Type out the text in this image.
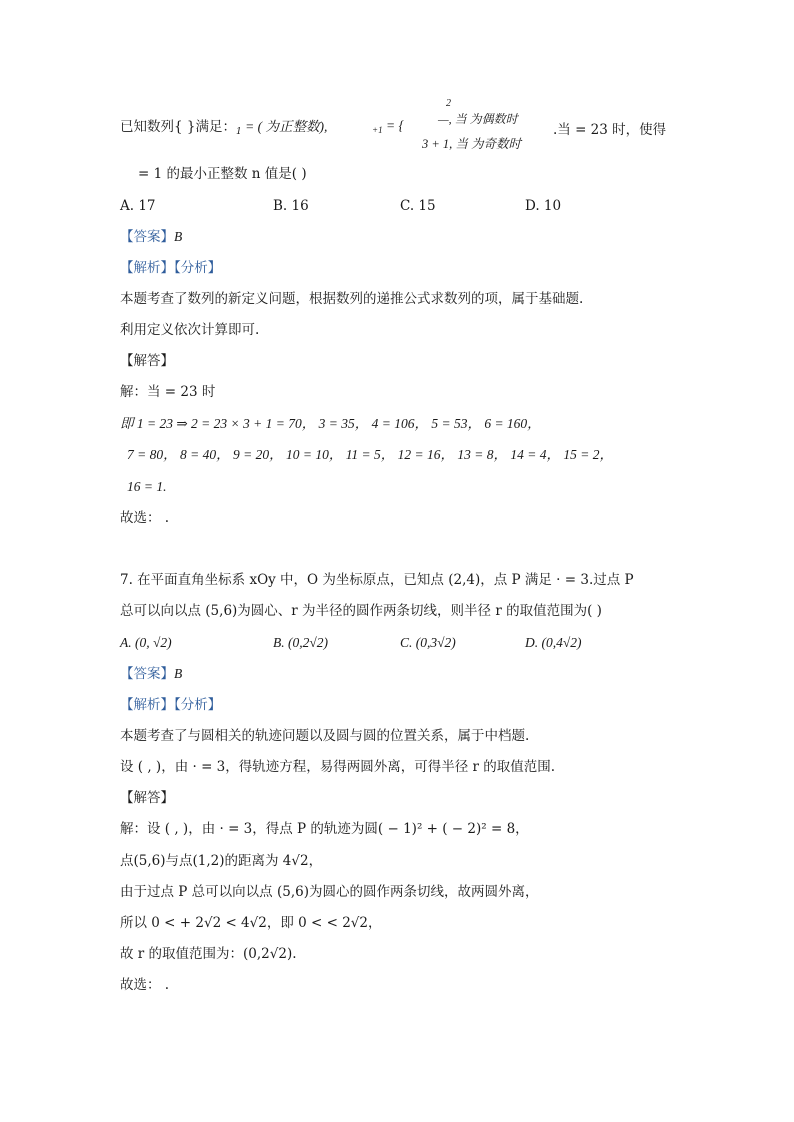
已知数列{ }满足：$_1$ = ( 为正整数),	$_{+1}$ = {
2
—, 当 为偶数时
3 + 1, 当 为奇数时
.当 = 23 时，使得
= 1 的最小正整数 n 值是( )
A. 17	B. 16	C. 15	D. 10
【答案】B
【解析】【分析】
本题考查了数列的新定义问题，根据数列的递推公式求数列的项，属于基础题.
利用定义依次计算即可.
【解答】
解：当 = 23 时
即 1 = 23 ⇒ 2 = 23 × 3 + 1 = 70， 3 = 35， 4 = 106， 5 = 53， 6 = 160，
7 = 80， 8 = 40， 9 = 20， 10 = 10， 11 = 5， 12 = 16， 13 = 8， 14 = 4， 15 = 2，
16 = 1.
故选： .
7. 在平面直角坐标系 xOy 中，O 为坐标原点，已知点 (2,4)，点 P 满足 · = 3.过点 P
总可以向以点 (5,6)为圆心、r 为半径的圆作两条切线，则半径 r 的取值范围为( )
A. (0, √2)	B. (0,2√2)	C. (0,3√2)	D. (0,4√2)
【答案】B
【解析】【分析】
本题考查了与圆相关的轨迹问题以及圆与圆的位置关系，属于中档题.
设 ( , )，由 · = 3，得轨迹方程，易得两圆外离，可得半径 r 的取值范围.
【解答】
解：设 ( , )，由 · = 3，得点 P 的轨迹为圆( − 1)² + ( − 2)² = 8，
点(5,6)与点(1,2)的距离为 4√2，
由于过点 P 总可以向以点 (5,6)为圆心的圆作两条切线，故两圆外离，
所以 0 < + 2√2 < 4√2，即 0 < < 2√2，
故 r 的取值范围为：(0,2√2).
故选： .
